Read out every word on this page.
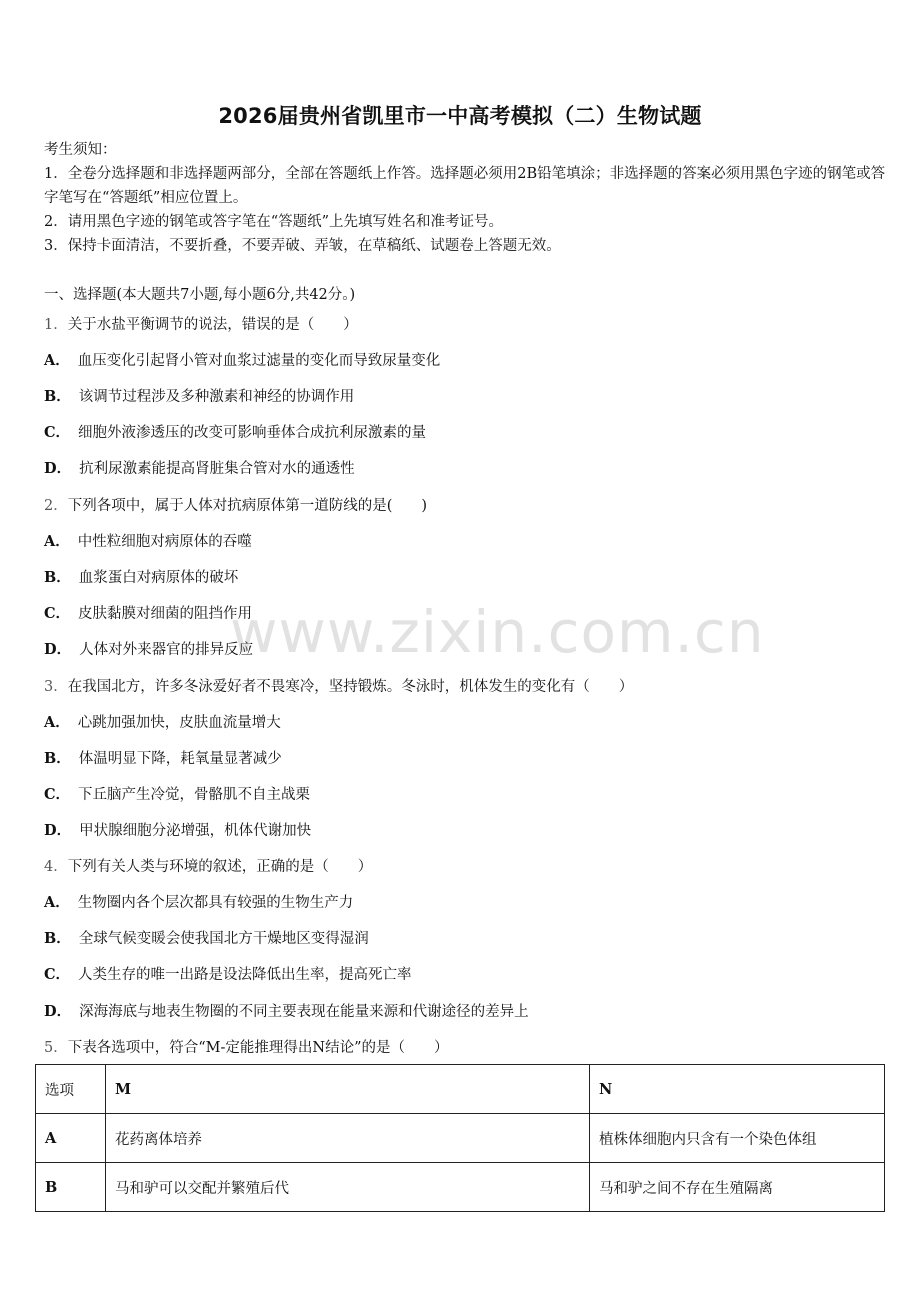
2026届贵州省凯里市一中高考模拟（二）生物试题
考生须知：
1．全卷分选择题和非选择题两部分，全部在答题纸上作答。选择题必须用2B铅笔填涂；非选择题的答案必须用黑色字迹的钢笔或答字笔写在“答题纸”相应位置上。
2．请用黑色字迹的钢笔或答字笔在“答题纸”上先填写姓名和准考证号。
3．保持卡面清洁，不要折叠，不要弄破、弄皱，在草稿纸、试题卷上答题无效。
一、选择题(本大题共7小题,每小题6分,共42分。)
1．关于水盐平衡调节的说法，错误的是（　　）
A． 血压变化引起肾小管对血浆过滤量的变化而导致尿量变化
B． 该调节过程涉及多种激素和神经的协调作用
C． 细胞外液渗透压的改变可影响垂体合成抗利尿激素的量
D． 抗利尿激素能提高肾脏集合管对水的通透性
2．下列各项中，属于人体对抗病原体第一道防线的是(　　)
A． 中性粒细胞对病原体的吞噬
B． 血浆蛋白对病原体的破坏
C． 皮肤黏膜对细菌的阻挡作用
D． 人体对外来器官的排异反应
3．在我国北方，许多冬泳爱好者不畏寒冷，坚持锻炼。冬泳时，机体发生的变化有（　　）
A． 心跳加强加快，皮肤血流量增大
B． 体温明显下降，耗氧量显著减少
C． 下丘脑产生冷觉，骨骼肌不自主战栗
D． 甲状腺细胞分泌增强，机体代谢加快
4．下列有关人类与环境的叙述，正确的是（　　）
A． 生物圈内各个层次都具有较强的生物生产力
B． 全球气候变暖会使我国北方干燥地区变得湿润
C． 人类生存的唯一出路是设法降低出生率，提高死亡率
D． 深海海底与地表生物圈的不同主要表现在能量来源和代谢途径的差异上
5．下表各选项中，符合“M-定能推理得出N结论”的是（　　）
选项	M	N
A	花药离体培养	植株体细胞内只含有一个染色体组
B	马和驴可以交配并繁殖后代	马和驴之间不存在生殖隔离
www.zixin.com.cn
